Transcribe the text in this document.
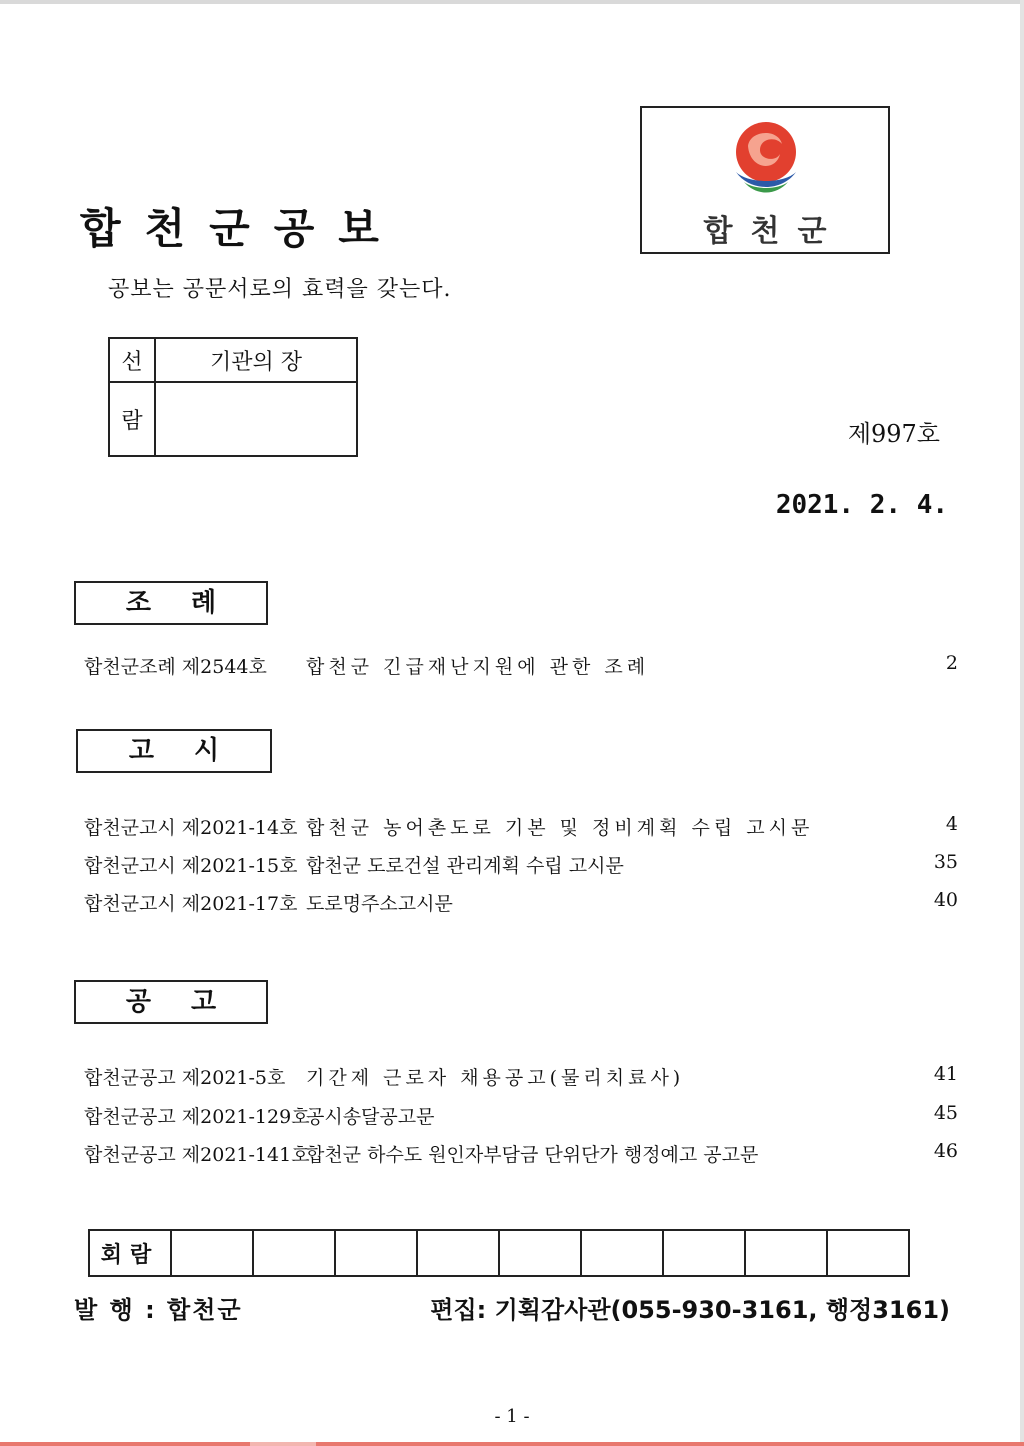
합천군공보
공보는 공문서로의 효력을 갖는다.
합천군
선	기관의 장
람		제997호
2021. 2. 4.
조례
합천군조례 제2544호 합천군 긴급재난지원에 관한 조례	2
고시
합천군고시 제2021-14호 합천군 농어촌도로 기본 및 정비계획 수립 고시문	4
합천군고시 제2021-15호 합천군 도로건설 관리계획 수립 고시문	35
합천군고시 제2021-17호 도로명주소고시문	40
공고
합천군공고 제2021-5호 기간제 근로자 채용공고(물리치료사)	41
합천군공고 제2021-129호공시송달공고문	45
합천군공고 제2021-141호합천군 하수도 원인자부담금 단위단가 행정예고 공고문	46
회람									
발 행 : 합천군	편집: 기획감사관(055-930-3161, 행정3161)
- 1 -
